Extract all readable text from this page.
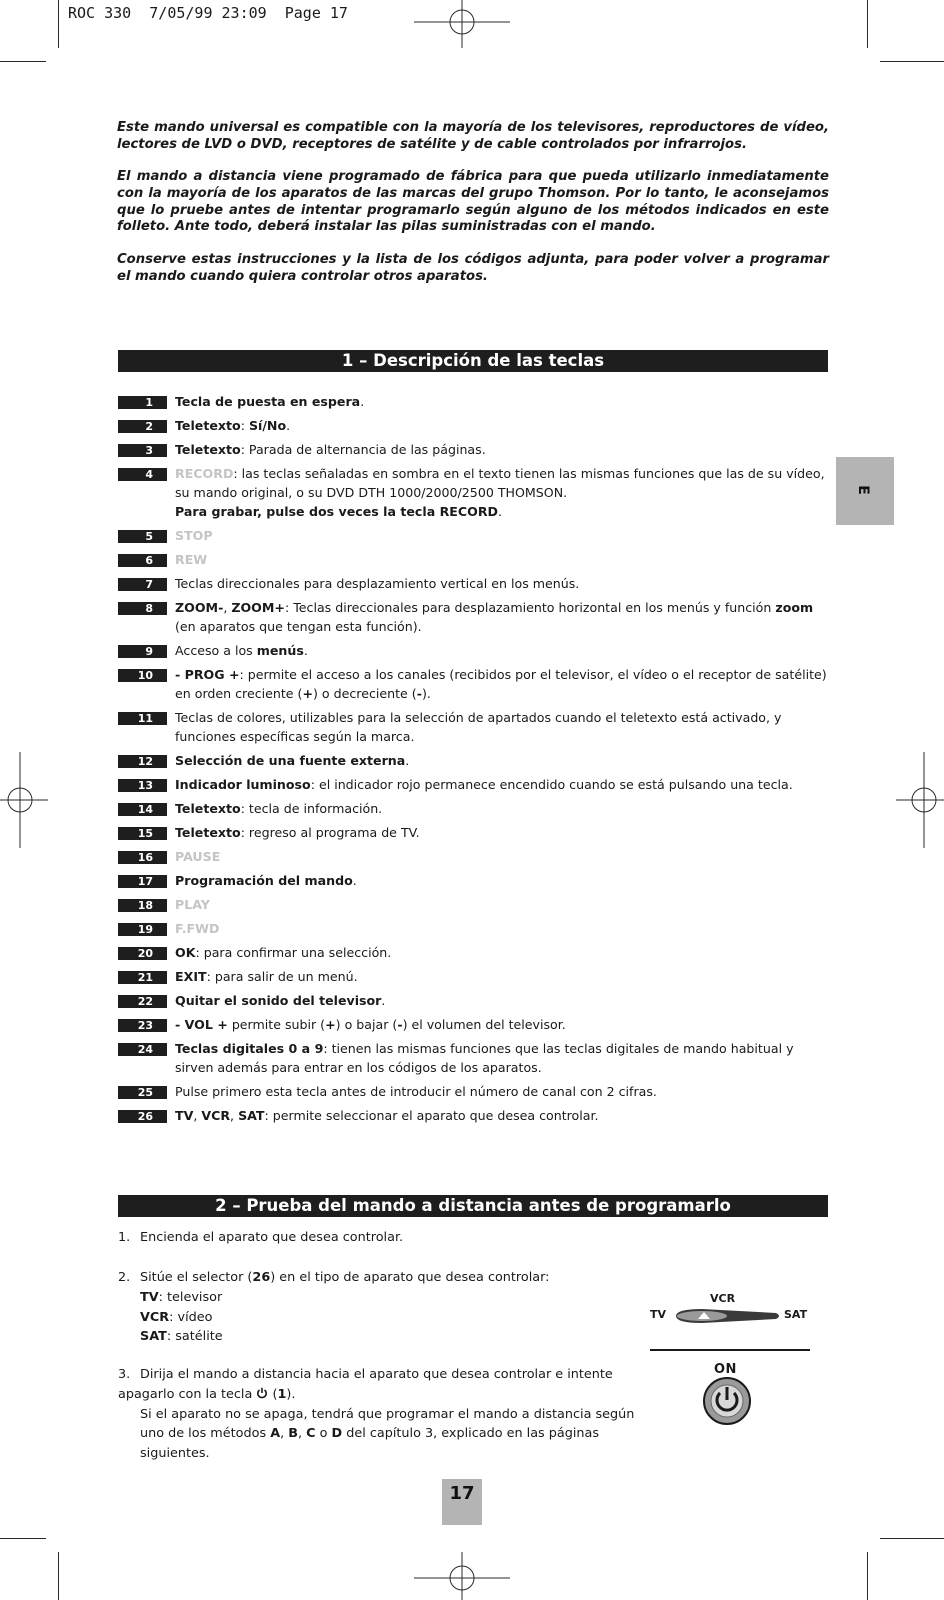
ROC 330  7/05/99 23:09  Page 17

Este mando universal es compatible con la mayoría de los televisores, reproductores de vídeo, lectores de LVD o DVD, receptores de satélite y de cable controlados por infrarrojos.

El mando a distancia viene programado de fábrica para que pueda utilizarlo inmediatamente con la mayoría de los aparatos de las marcas del grupo Thomson. Por lo tanto, le aconsejamos que lo pruebe antes de intentar programarlo según alguno de los métodos indicados en este folleto. Ante todo, deberá instalar las pilas suministradas con el mando.

Conserve estas instrucciones y la lista de los códigos adjunta, para poder volver a programar el mando cuando quiera controlar otros aparatos.

1 – Descripción de las teclas
1	Tecla de puesta en espera.
2	Teletexto: Sí/No.
3	Teletexto: Parada de alternancia de las páginas.
4	RECORD: las teclas señaladas en sombra en el texto tienen las mismas funciones que las de su vídeo, su mando original, o su DVD DTH 1000/2000/2500 THOMSON.
Para grabar, pulse dos veces la tecla RECORD.
5	STOP
6	REW
7	Teclas direccionales para desplazamiento vertical en los menús.
8	ZOOM-, ZOOM+: Teclas direccionales para desplazamiento horizontal en los menús y función zoom (en aparatos que tengan esta función).
9	Acceso a los menús.
10	- PROG +: permite el acceso a los canales (recibidos por el televisor, el vídeo o el receptor de satélite) en orden creciente (+) o decreciente (-).
11	Teclas de colores, utilizables para la selección de apartados cuando el teletexto está activado, y funciones específicas según la marca.
12	Selección de una fuente externa.
13	Indicador luminoso: el indicador rojo permanece encendido cuando se está pulsando una tecla.
14	Teletexto: tecla de información.
15	Teletexto: regreso al programa de TV.
16	PAUSE
17	Programación del mando.
18	PLAY
19	F.FWD
20	OK: para confirmar una selección.
21	EXIT: para salir de un menú.
22	Quitar el sonido del televisor.
23	- VOL + permite subir (+) o bajar (-) el volumen del televisor.
24	Teclas digitales 0 a 9: tienen las mismas funciones que las teclas digitales de mando habitual y sirven además para entrar en los códigos de los aparatos.
25	Pulse primero esta tecla antes de introducir el número de canal con 2 cifras.
26	TV, VCR, SAT: permite seleccionar el aparato que desea controlar.
2 – Prueba del mando a distancia antes de programarlo
1. Encienda el aparato que desea controlar.
2. Sitúe el selector (26) en el tipo de aparato que desea controlar:
TV: televisor
VCR: vídeo
SAT: satélite
3. Dirija el mando a distancia hacia el aparato que desea controlar e intente apagarlo con la tecla  (1).
Si el aparato no se apaga, tendrá que programar el mando a distancia según uno de los métodos A, B, C o D del capítulo 3, explicado en las páginas siguientes.
VCR
TV	SAT
ON
E
17
